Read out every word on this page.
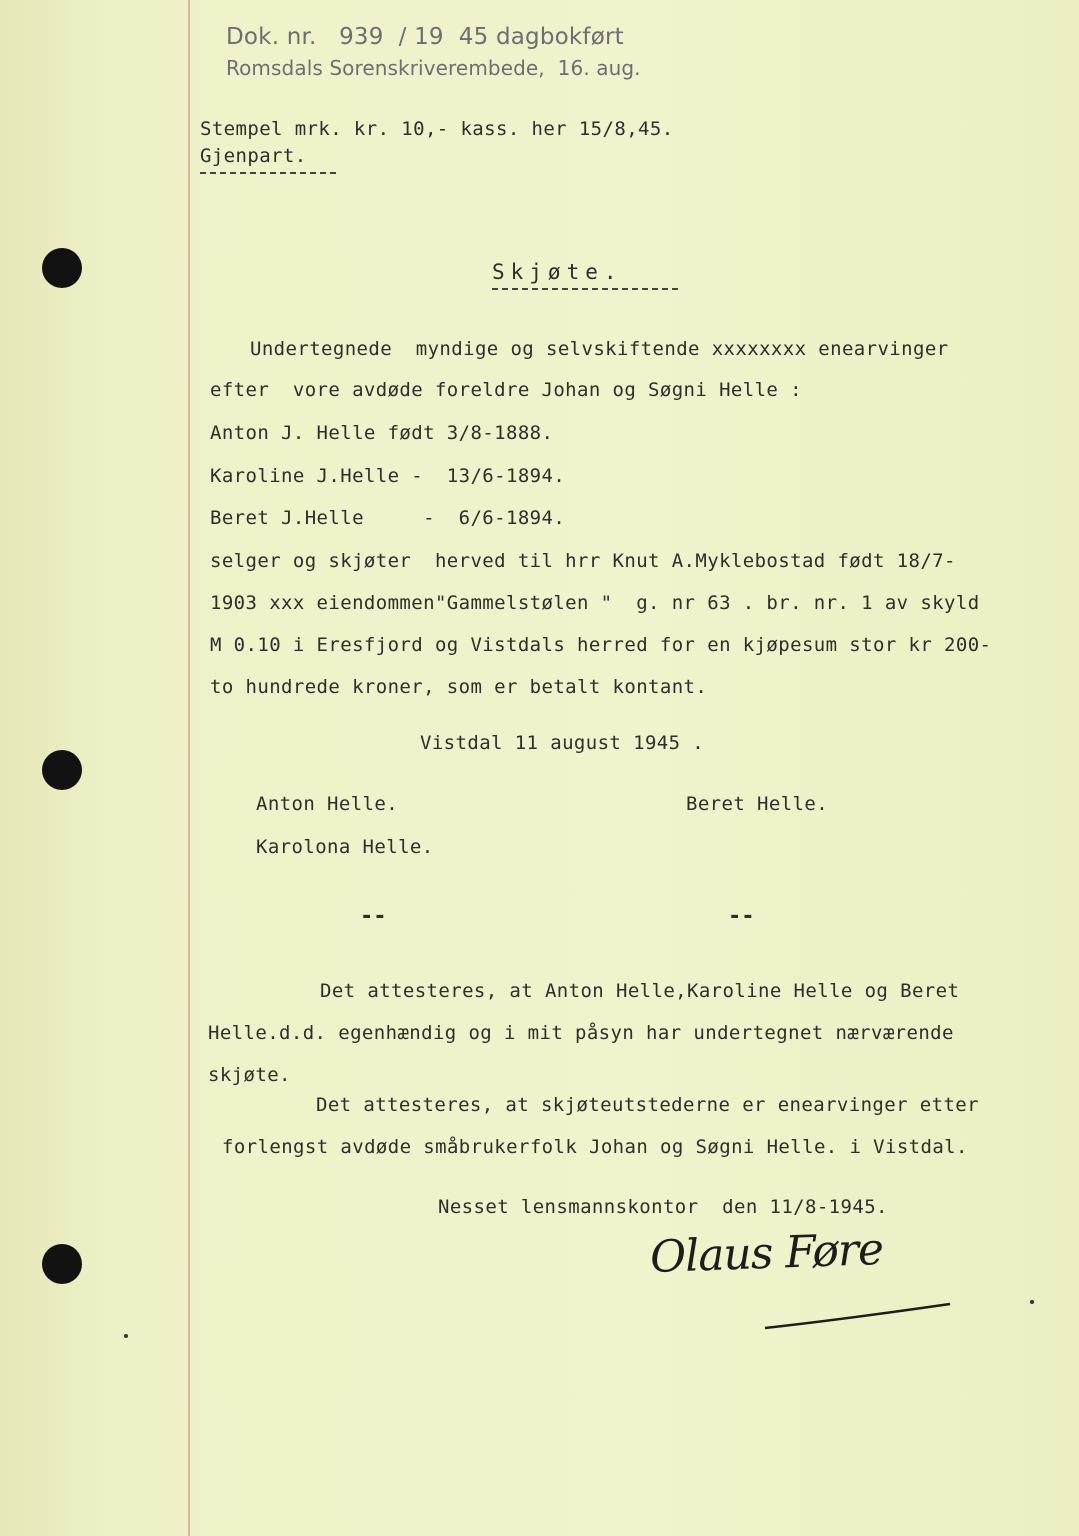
Dok. nr.   939  / 19  45 dagbokført
Romsdals Sorenskriverembede,  16. aug.
Stempel mrk. kr. 10,- kass. her 15/8,45.
Gjenpart.
Skjøte.
Undertegnede  myndige og selvskiftende xxxxxxxx enearvinger
efter  vore avdøde foreldre Johan og Søgni Helle :
Anton J. Helle født 3/8-1888.
Karoline J.Helle -  13/6-1894.
Beret J.Helle     -  6/6-1894.
selger og skjøter  herved til hrr Knut A.Myklebostad født 18/7-
1903 xxx eiendommen"Gammelstølen "  g. nr 63 . br. nr. 1 av skyld
M 0.10 i Eresfjord og Vistdals herred for en kjøpesum stor kr 200-
to hundrede kroner, som er betalt kontant.
Vistdal 11 august 1945 .
Anton Helle.	Beret Helle.
Karolona Helle.
--	--
Det attesteres, at Anton Helle,Karoline Helle og Beret
Helle.d.d. egenhændig og i mit påsyn har undertegnet nærværende
skjøte.
Det attesteres, at skjøteutstederne er enearvinger etter
forlengst avdøde småbrukerfolk Johan og Søgni Helle. i Vistdal.
Nesset lensmannskontor  den 11/8-1945.
Olaus Føre
